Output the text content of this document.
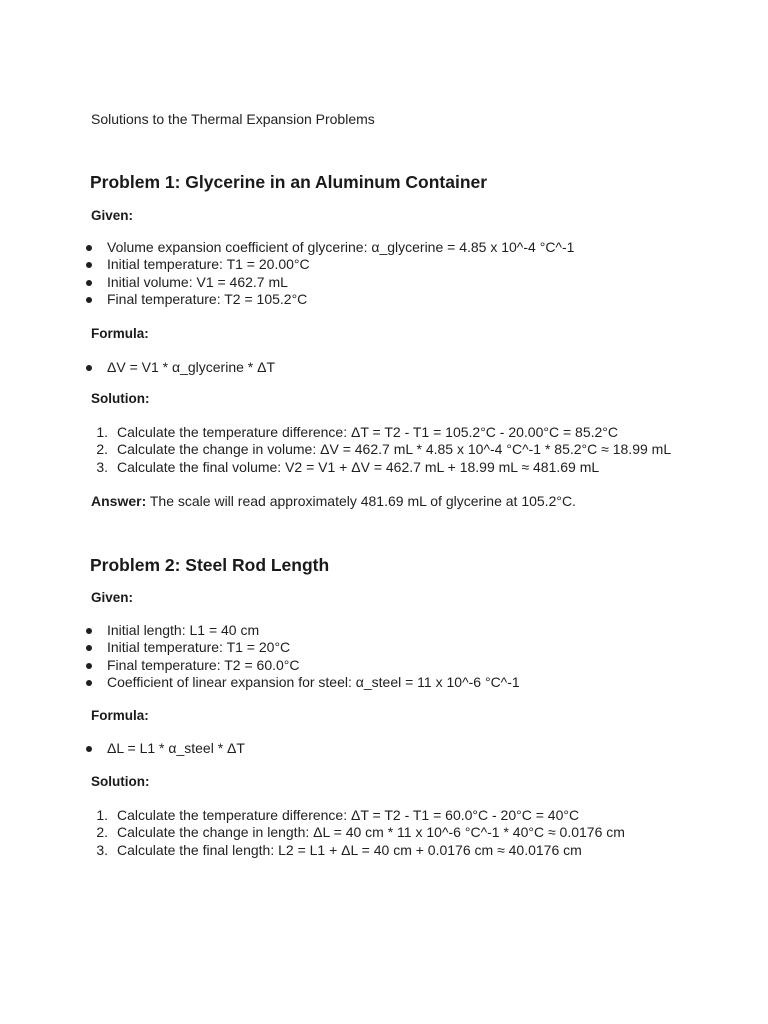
Solutions to the Thermal Expansion Problems
Problem 1: Glycerine in an Aluminum Container
Given:
Volume expansion coefficient of glycerine: α_glycerine = 4.85 x 10^-4 °C^-1
Initial temperature: T1 = 20.00°C
Initial volume: V1 = 462.7 mL
Final temperature: T2 = 105.2°C
Formula:
ΔV = V1 * α_glycerine * ΔT
Solution:
1. Calculate the temperature difference: ΔT = T2 - T1 = 105.2°C - 20.00°C = 85.2°C
2. Calculate the change in volume: ΔV = 462.7 mL * 4.85 x 10^-4 °C^-1 * 85.2°C ≈ 18.99 mL
3. Calculate the final volume: V2 = V1 + ΔV = 462.7 mL + 18.99 mL ≈ 481.69 mL
Answer: The scale will read approximately 481.69 mL of glycerine at 105.2°C.
Problem 2: Steel Rod Length
Given:
Initial length: L1 = 40 cm
Initial temperature: T1 = 20°C
Final temperature: T2 = 60.0°C
Coefficient of linear expansion for steel: α_steel = 11 x 10^-6 °C^-1
Formula:
ΔL = L1 * α_steel * ΔT
Solution:
1. Calculate the temperature difference: ΔT = T2 - T1 = 60.0°C - 20°C = 40°C
2. Calculate the change in length: ΔL = 40 cm * 11 x 10^-6 °C^-1 * 40°C ≈ 0.0176 cm
3. Calculate the final length: L2 = L1 + ΔL = 40 cm + 0.0176 cm ≈ 40.0176 cm
